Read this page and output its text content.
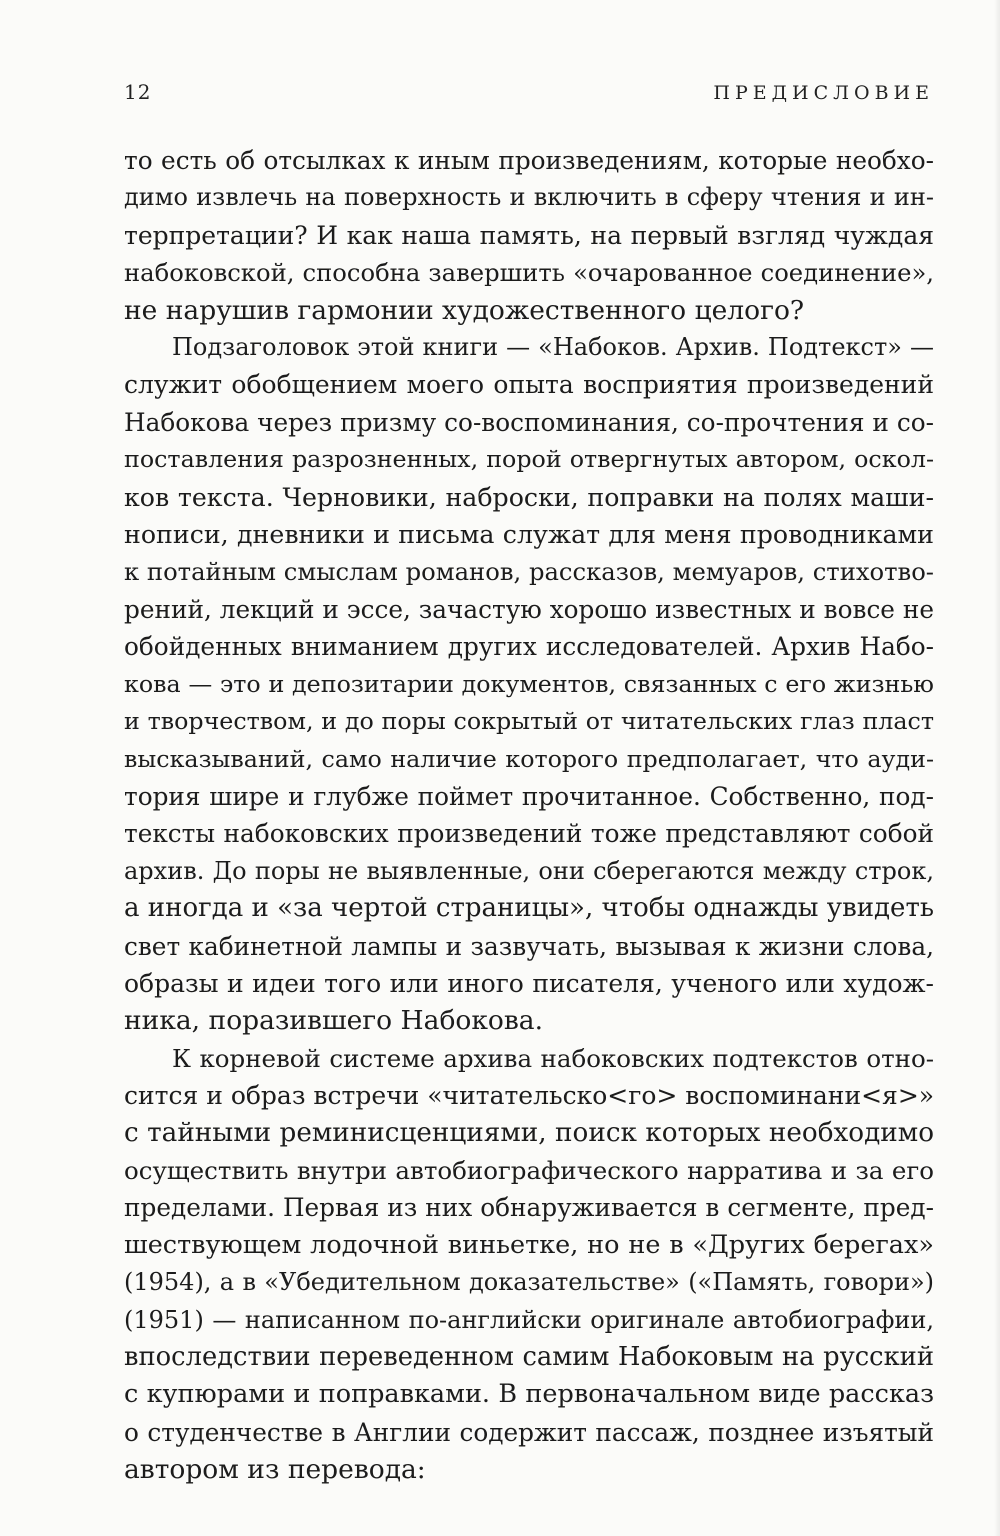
12	ПРЕДИСЛОВИЕ
то есть об отсылках к иным произведениям, которые необхо-
димо извлечь на поверхность и включить в сферу чтения и ин-
терпретации? И как наша память, на первый взгляд чуждая
набоковской, способна завершить «очарованное соединение»,
не нарушив гармонии художественного целого?
Подзаголовок этой книги — «Набоков. Архив. Подтекст» —
служит обобщением моего опыта восприятия произведений
Набокова через призму со-воспоминания, со-прочтения и со-
поставления разрозненных, порой отвергнутых автором, оскол-
ков текста. Черновики, наброски, поправки на полях маши-
нописи, дневники и письма служат для меня проводниками
к потайным смыслам романов, рассказов, мемуаров, стихотво-
рений, лекций и эссе, зачастую хорошо известных и вовсе не
обойденных вниманием других исследователей. Архив Набо-
кова — это и депозитарии документов, связанных с его жизнью
и творчеством, и до поры сокрытый от читательских глаз пласт
высказываний, само наличие которого предполагает, что ауди-
тория шире и глубже поймет прочитанное. Собственно, под-
тексты набоковских произведений тоже представляют собой
архив. До поры не выявленные, они сберегаются между строк,
а иногда и «за чертой страницы», чтобы однажды увидеть
свет кабинетной лампы и зазвучать, вызывая к жизни слова,
образы и идеи того или иного писателя, ученого или худож-
ника, поразившего Набокова.
К корневой системе архива набоковских подтекстов отно-
сится и образ встречи «читательско<го> воспоминани<я>»
с тайными реминисценциями, поиск которых необходимо
осуществить внутри автобиографического нарратива и за его
пределами. Первая из них обнаруживается в сегменте, пред-
шествующем лодочной виньетке, но не в «Других берегах»
(1954), а в «Убедительном доказательстве» («Память, говори»)
(1951) — написанном по-английски оригинале автобиографии,
впоследствии переведенном самим Набоковым на русский
с купюрами и поправками. В первоначальном виде рассказ
о студенчестве в Англии содержит пассаж, позднее изъятый
автором из перевода:
